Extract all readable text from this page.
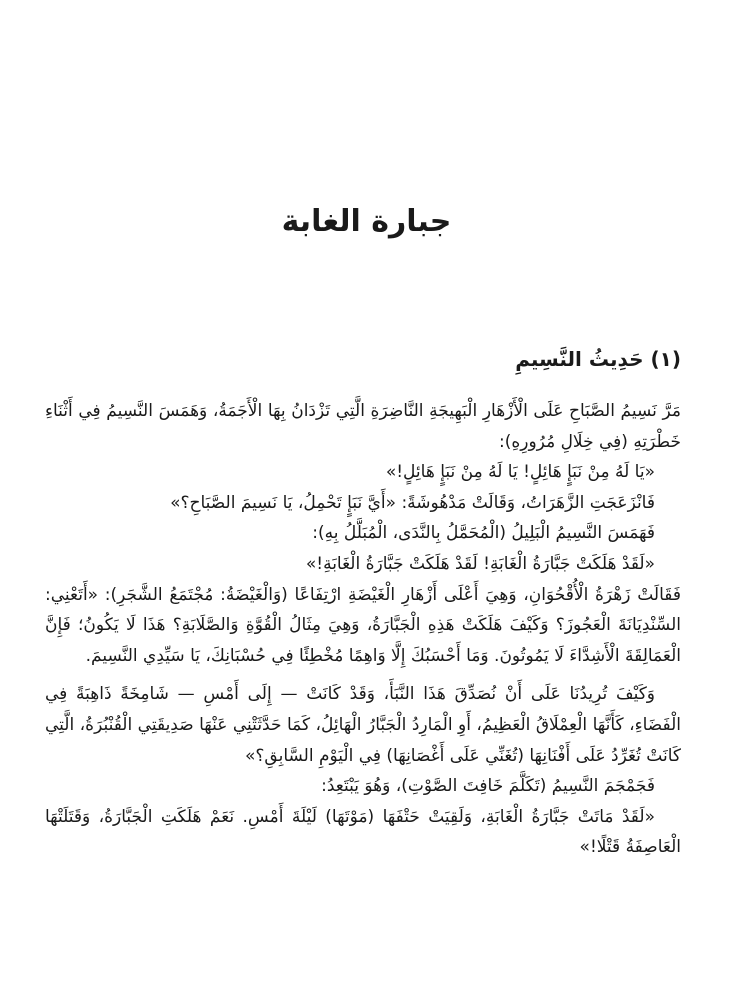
جبارة الغابة
(١) حَدِيثُ النَّسِيمِ

مَرَّ نَسِيمُ الصَّبَاحِ عَلَى الْأَزْهَارِ الْبَهِيجَةِ النَّاضِرَةِ الَّتِي تَزْدَانُ بِهَا الْأَجَمَةُ، وَهَمَسَ النَّسِيمُ فِي أَثْنَاءِ خَطْرَتِهِ (فِي خِلَالِ مُرُورِهِ):

«يَا لَهُ مِنْ نَبَإٍ هَائِلٍ! يَا لَهُ مِنْ نَبَإٍ هَائِلٍ!»

فَانْزَعَجَتِ الزَّهَرَاتُ، وَقَالَتْ مَدْهُوشَةً: «أَيَّ نَبَإٍ تَحْمِلُ، يَا نَسِيمَ الصَّبَاحِ؟»

فَهَمَسَ النَّسِيمُ الْبَلِيلُ (الْمُحَمَّلُ بِالنَّدَى، الْمُبَلَّلُ بِهِ):

«لَقَدْ هَلَكَتْ جَبَّارَةُ الْغَابَةِ! لَقَدْ هَلَكَتْ جَبَّارَةُ الْغَابَةِ!»

فَقَالَتْ زَهْرَةُ الْأُقْحُوَانِ، وَهِيَ أَعْلَى أَزْهَارِ الْغَيْضَةِ ارْتِفَاعًا (وَالْغَيْضَةُ: مُجْتَمَعُ الشَّجَرِ): «أَتَعْنِي: السِّنْدِيَانَةَ الْعَجُوزَ؟ وَكَيْفَ هَلَكَتْ هَذِهِ الْجَبَّارَةُ، وَهِيَ مِثَالُ الْقُوَّةِ وَالصَّلَابَةِ؟ هَذَا لَا يَكُونُ؛ فَإِنَّ الْعَمَالِقَةَ الْأَشِدَّاءَ لَا يَمُوتُونَ. وَمَا أَحْسَبُكَ إِلَّا وَاهِمًا مُخْطِئًا فِي حُسْبَانِكَ، يَا سَيِّدِي النَّسِيمَ.

وَكَيْفَ تُرِيدُنَا عَلَى أَنْ نُصَدِّقَ هَذَا النَّبَأَ، وَقَدْ كَانَتْ — إِلَى أَمْسِ — شَامِخَةً ذَاهِبَةً فِي الْفَضَاءِ، كَأَنَّهَا الْعِمْلَاقُ الْعَظِيمُ، أَوِ الْمَارِدُ الْجَبَّارُ الْهَائِلُ، كَمَا حَدَّثَتْنِي عَنْهَا صَدِيقَتِي الْقُنْبُرَةُ، الَّتِي كَانَتْ تُغَرِّدُ عَلَى أَفْنَانِهَا (تُغَنِّي عَلَى أَغْصَانِهَا) فِي الْيَوْمِ السَّابِقِ؟»

فَجَمْجَمَ النَّسِيمُ (تَكَلَّمَ خَافِتَ الصَّوْتِ)، وَهُوَ يَبْتَعِدُ:

«لَقَدْ مَاتَتْ جَبَّارَةُ الْغَابَةِ، وَلَقِيَتْ حَتْفَهَا (مَوْتَهَا) لَيْلَةَ أَمْسِ. نَعَمْ هَلَكَتِ الْجَبَّارَةُ، وَقَتَلَتْهَا الْعَاصِفَةُ قَتْلًا!»
